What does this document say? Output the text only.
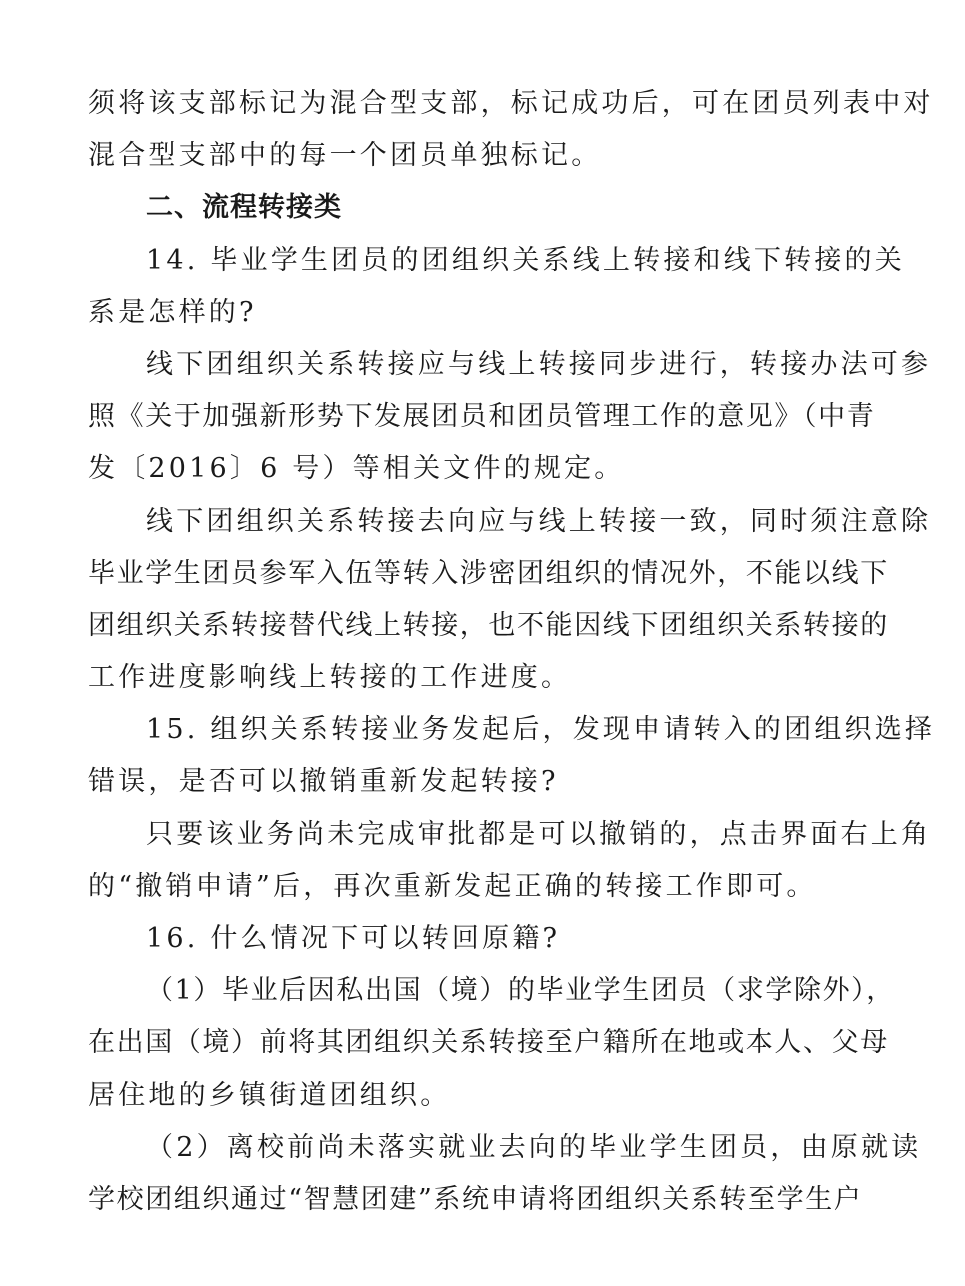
须将该支部标记为混合型支部，标记成功后，可在团员列表中对
混合型支部中的每一个团员单独标记。
二、流程转接类
14. 毕业学生团员的团组织关系线上转接和线下转接的关
系是怎样的?
线下团组织关系转接应与线上转接同步进行，转接办法可参
照《关于加强新形势下发展团员和团员管理工作的意见》（中青
发〔2016〕6 号）等相关文件的规定。
线下团组织关系转接去向应与线上转接一致，同时须注意除
毕业学生团员参军入伍等转入涉密团组织的情况外，不能以线下
团组织关系转接替代线上转接，也不能因线下团组织关系转接的
工作进度影响线上转接的工作进度。
15. 组织关系转接业务发起后，发现申请转入的团组织选择
错误，是否可以撤销重新发起转接?
只要该业务尚未完成审批都是可以撤销的，点击界面右上角
的“撤销申请”后，再次重新发起正确的转接工作即可。
16. 什么情况下可以转回原籍?
（1）毕业后因私出国（境）的毕业学生团员（求学除外），
在出国（境）前将其团组织关系转接至户籍所在地或本人、父母
居住地的乡镇街道团组织。
（2）离校前尚未落实就业去向的毕业学生团员，由原就读
学校团组织通过“智慧团建”系统申请将团组织关系转至学生户
